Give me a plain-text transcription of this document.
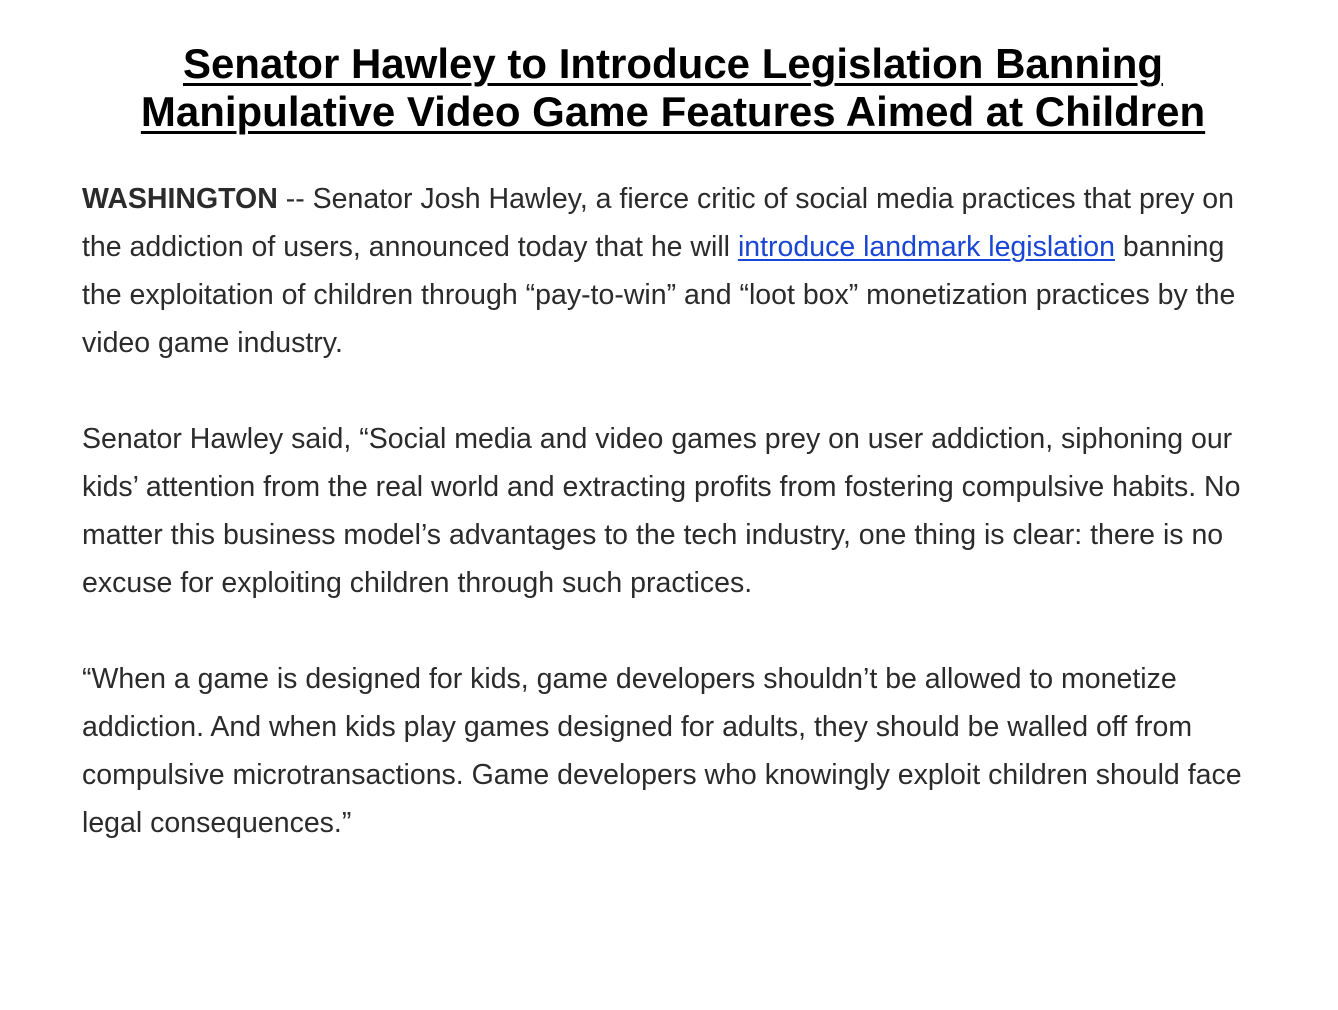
Senator Hawley to Introduce Legislation Banning Manipulative Video Game Features Aimed at Children

WASHINGTON -- Senator Josh Hawley, a fierce critic of social media practices that prey on the addiction of users, announced today that he will introduce landmark legislation banning the exploitation of children through “pay-to-win” and “loot box” monetization practices by the video game industry.

Senator Hawley said, “Social media and video games prey on user addiction, siphoning our kids’ attention from the real world and extracting profits from fostering compulsive habits. No matter this business model’s advantages to the tech industry, one thing is clear: there is no excuse for exploiting children through such practices.

“When a game is designed for kids, game developers shouldn’t be allowed to monetize addiction. And when kids play games designed for adults, they should be walled off from compulsive microtransactions. Game developers who knowingly exploit children should face legal consequences.”
